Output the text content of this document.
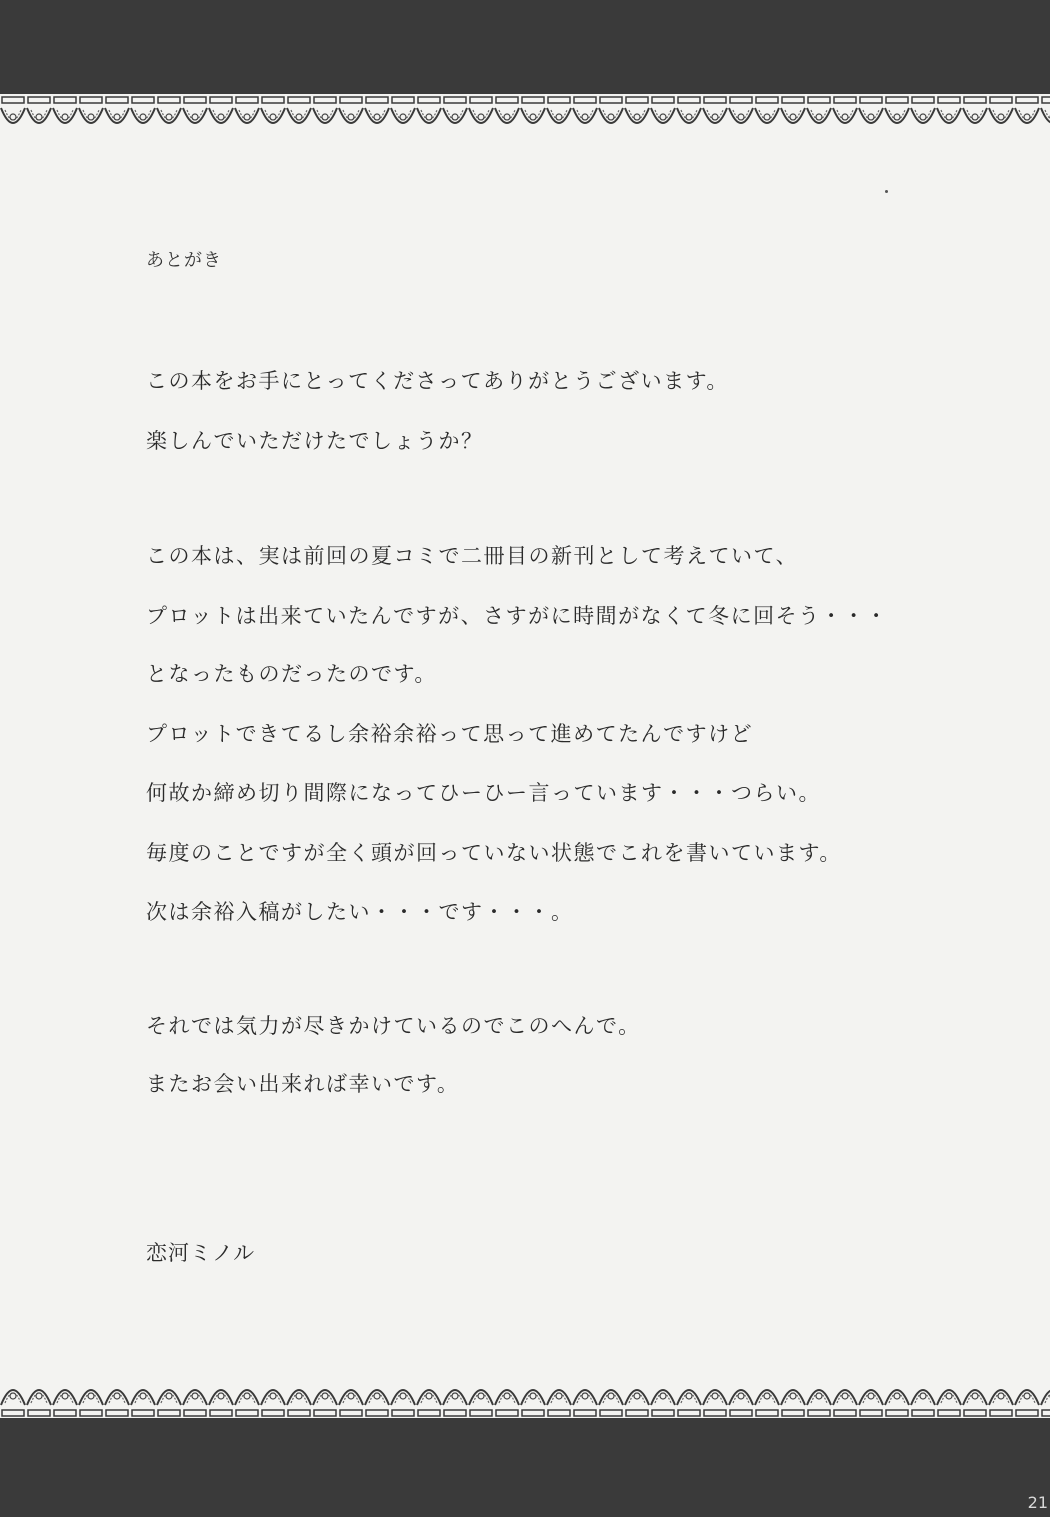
あとがき
この本をお手にとってくださってありがとうございます。
楽しんでいただけたでしょうか？
この本は、実は前回の夏コミで二冊目の新刊として考えていて、
プロットは出来ていたんですが、さすがに時間がなくて冬に回そう・・・
となったものだったのです。
プロットできてるし余裕余裕って思って進めてたんですけど
何故か締め切り間際になってひーひー言っています・・・つらい。
毎度のことですが全く頭が回っていない状態でこれを書いています。
次は余裕入稿がしたい・・・です・・・。
それでは気力が尽きかけているのでこのへんで。
またお会い出来れば幸いです。
恋河ミノル
21
